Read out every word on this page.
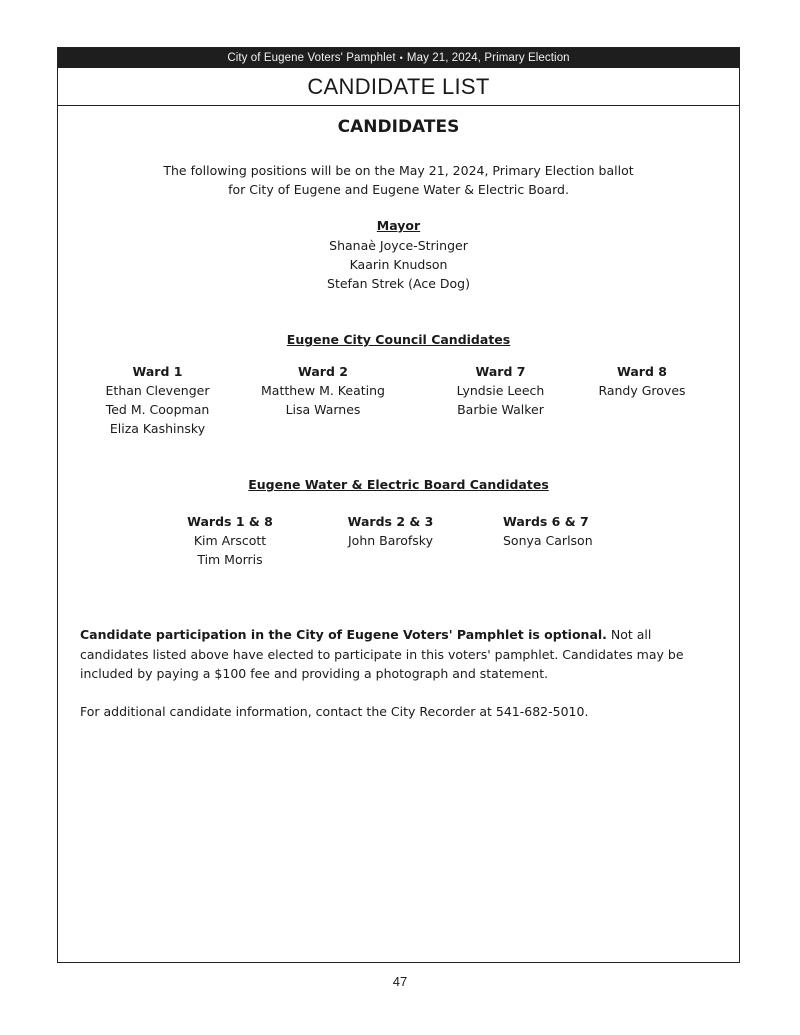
City of Eugene Voters' Pamphlet • May 21, 2024, Primary Election
CANDIDATE LIST
CANDIDATES
The following positions will be on the May 21, 2024, Primary Election ballot
for City of Eugene and Eugene Water & Electric Board.
Mayor
Shanaè Joyce-Stringer
Kaarin Knudson
Stefan Strek (Ace Dog)
Eugene City Council Candidates
Ward 1
Ethan Clevenger
Ted M. Coopman
Eliza Kashinsky
Ward 2
Matthew M. Keating
Lisa Warnes
Ward 7
Lyndsie Leech
Barbie Walker
Ward 8
Randy Groves
Eugene Water & Electric Board Candidates
Wards 1 & 8
Kim Arscott
Tim Morris
Wards 2 & 3
John Barofsky
Wards 6 & 7
Sonya Carlson
Candidate participation in the City of Eugene Voters' Pamphlet is optional. Not all candidates listed above have elected to participate in this voters' pamphlet. Candidates may be included by paying a $100 fee and providing a photograph and statement.
For additional candidate information, contact the City Recorder at 541-682-5010.
47
